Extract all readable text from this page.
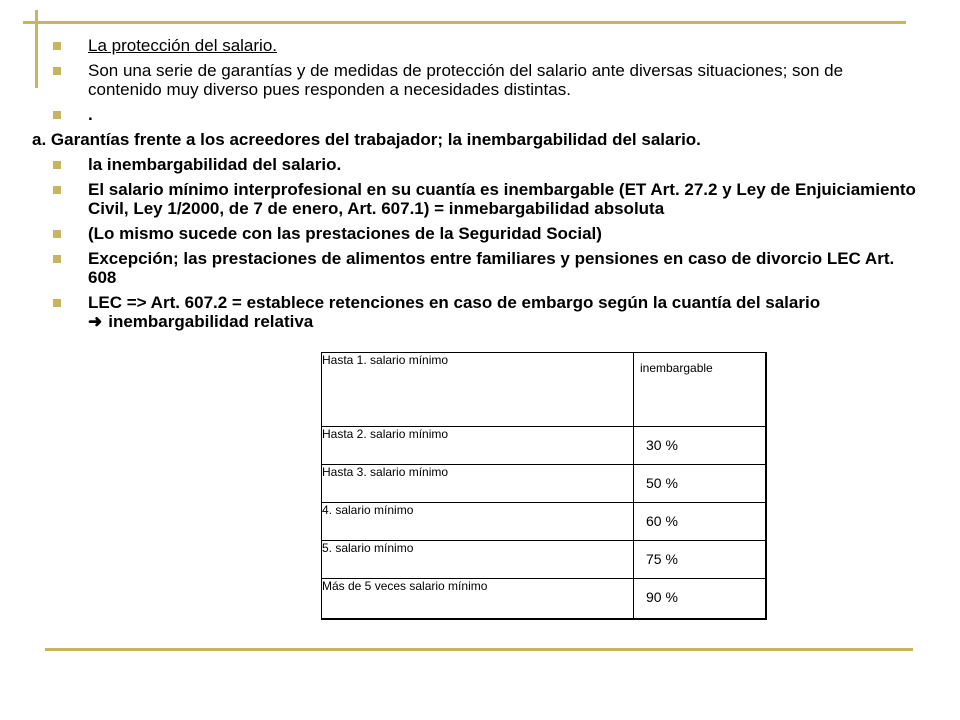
La protección del salario.
Son una serie de garantías y de medidas de protección del salario ante diversas situaciones; son de contenido muy diverso pues responden a necesidades distintas.
.
a. Garantías frente a los acreedores del trabajador; la inembargabilidad del salario.
la inembargabilidad del salario.
El salario mínimo interprofesional en su cuantía es inembargable (ET Art. 27.2 y Ley de Enjuiciamiento Civil, Ley 1/2000, de 7 de enero, Art. 607.1) = inmebargabilidad absoluta
(Lo mismo sucede con las prestaciones de la Seguridad Social)
Excepción; las prestaciones de alimentos entre familiares y pensiones en caso de divorcio LEC Art. 608
LEC => Art. 607.2 = establece retenciones en caso de embargo según la cuantía del salario
➜ inembargabilidad relativa
Hasta 1. salario mínimo	inembargable

Hasta 2. salario mínimo	30 %

Hasta 3. salario mínimo	50 %

4. salario mínimo	60 %

5. salario mínimo	75 %

Más de 5 veces salario mínimo	90 %
